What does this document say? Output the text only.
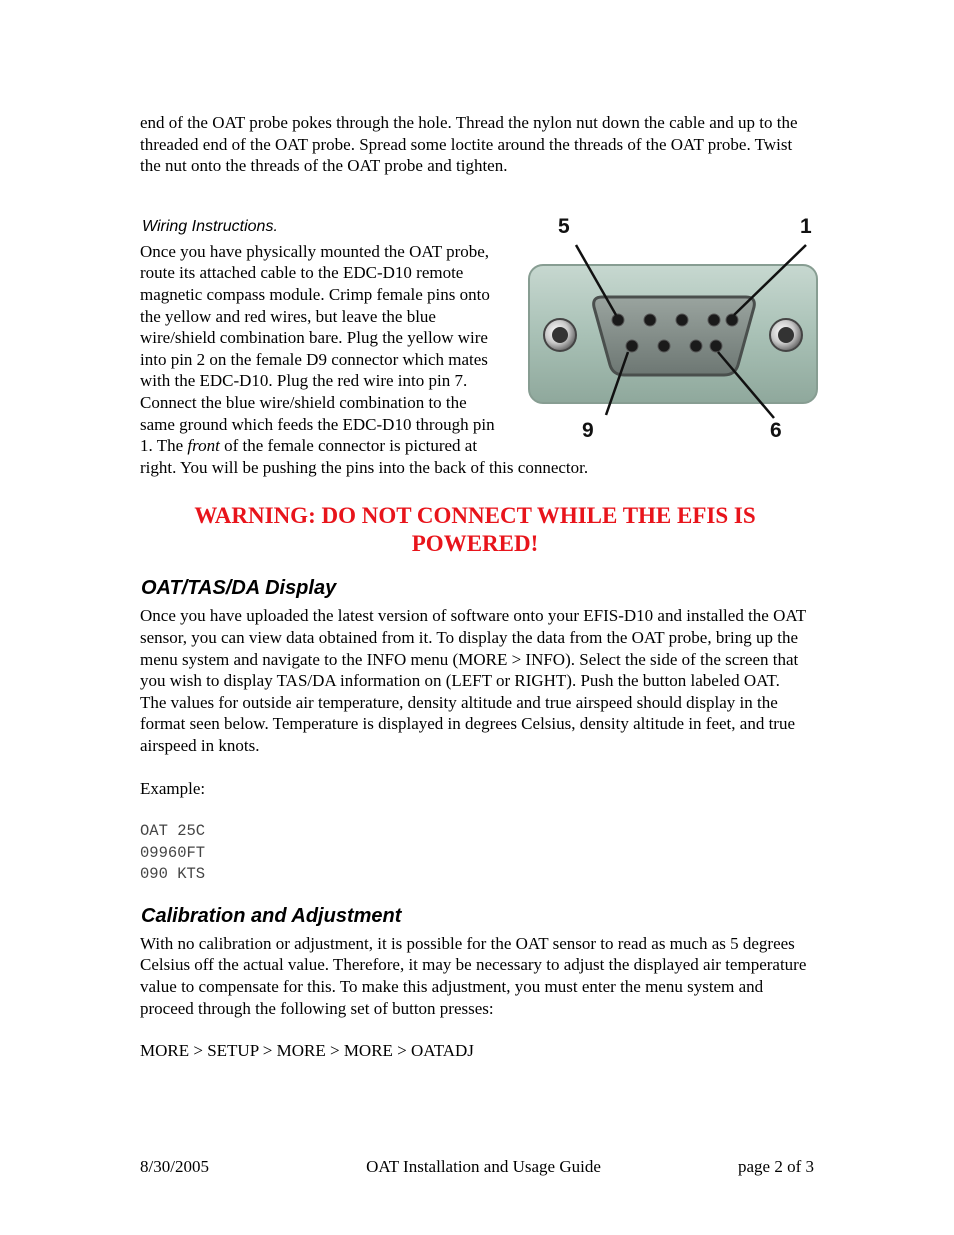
end of the OAT probe pokes through the hole. Thread the nylon nut down the cable and up to the threaded end of the OAT probe. Spread some loctite around the threads of the OAT probe. Twist the nut onto the threads of the OAT probe and tighten.

Wiring Instructions.	5	1
9	6

Once you have physically mounted the OAT probe, route its attached cable to the EDC-D10 remote magnetic compass module. Crimp female pins onto the yellow and red wires, but leave the blue wire/shield combination bare. Plug the yellow wire into pin 2 on the female D9 connector which mates with the EDC-D10. Plug the red wire into pin 7. Connect the blue wire/shield combination to the same ground which feeds the EDC-D10 through pin 1. The front of the female connector is pictured at right. You will be pushing the pins into the back of this connector.

WARNING: DO NOT CONNECT WHILE THE EFIS IS POWERED!
OAT/TAS/DA Display

Once you have uploaded the latest version of software onto your EFIS-D10 and installed the OAT sensor, you can view data obtained from it. To display the data from the OAT probe, bring up the menu system and navigate to the INFO menu (MORE > INFO). Select the side of the screen that you wish to display TAS/DA information on (LEFT or RIGHT). Push the button labeled OAT. The values for outside air temperature, density altitude and true airspeed should display in the format seen below. Temperature is displayed in degrees Celsius, density altitude in feet, and true airspeed in knots.

Example:

OAT 25C
09960FT
090 KTS
Calibration and Adjustment

With no calibration or adjustment, it is possible for the OAT sensor to read as much as 5 degrees Celsius off the actual value. Therefore, it may be necessary to adjust the displayed air temperature value to compensate for this. To make this adjustment, you must enter the menu system and proceed through the following set of button presses:

MORE > SETUP > MORE > MORE > OATADJ

8/30/2005	OAT Installation and Usage Guide	page 2 of 3
